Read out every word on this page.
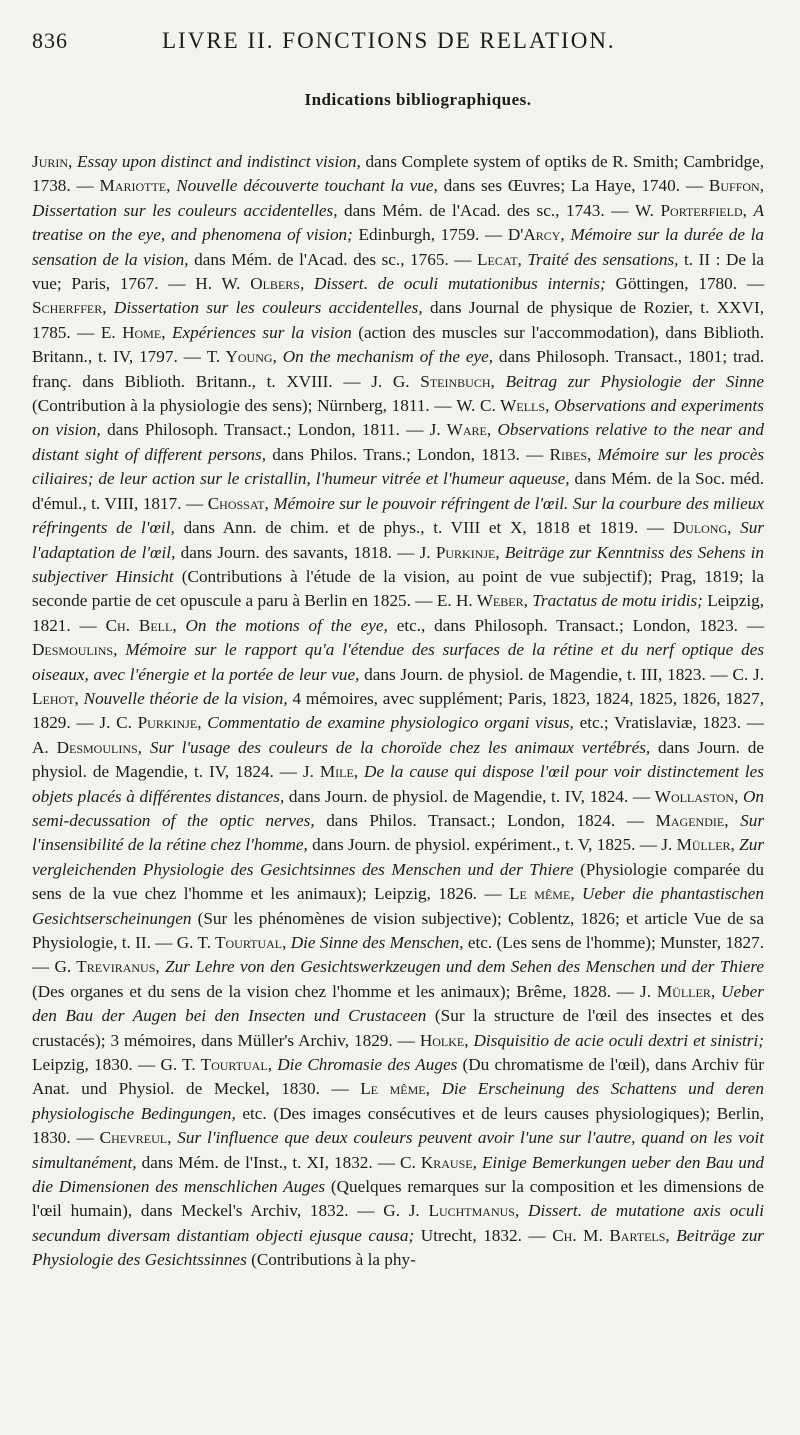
836	LIVRE II. FONCTIONS DE RELATION.
Indications bibliographiques.
Jurin, Essay upon distinct and indistinct vision, dans Complete system of optiks de R. Smith; Cambridge, 1738. — Mariotte, Nouvelle découverte touchant la vue, dans ses Œuvres; La Haye, 1740. — Buffon, Dissertation sur les couleurs accidentelles, dans Mém. de l'Acad. des sc., 1743. — W. Porterfield, A treatise on the eye, and phenomena of vision; Edinburgh, 1759. — D'Arcy, Mémoire sur la durée de la sensation de la vision, dans Mém. de l'Acad. des sc., 1765. — Lecat, Traité des sensations, t. II : De la vue; Paris, 1767. — H. W. Olbers, Dissert. de oculi mutationibus internis; Göttingen, 1780. — Scherffer, Dissertation sur les couleurs accidentelles, dans Journal de physique de Rozier, t. XXVI, 1785. — E. Home, Expériences sur la vision (action des muscles sur l'accommodation), dans Biblioth. Britann., t. IV, 1797. — T. Young, On the mechanism of the eye, dans Philosoph. Transact., 1801; trad. franç. dans Biblioth. Britann., t. XVIII. — J. G. Steinbuch, Beitrag zur Physiologie der Sinne (Contribution à la physiologie des sens); Nürnberg, 1811. — W. C. Wells, Observations and experiments on vision, dans Philosoph. Transact.; London, 1811. — J. Ware, Observations relative to the near and distant sight of different persons, dans Philos. Trans.; London, 1813. — Ribes, Mémoire sur les procès ciliaires; de leur action sur le cristallin, l'humeur vitrée et l'humeur aqueuse, dans Mém. de la Soc. méd. d'émul., t. VIII, 1817. — Chossat, Mémoire sur le pouvoir réfringent de l'œil. Sur la courbure des milieux réfringents de l'œil, dans Ann. de chim. et de phys., t. VIII et X, 1818 et 1819. — Dulong, Sur l'adaptation de l'œil, dans Journ. des savants, 1818. — J. Purkinje, Beiträge zur Kenntniss des Sehens in subjectiver Hinsicht (Contributions à l'étude de la vision, au point de vue subjectif); Prag, 1819; la seconde partie de cet opuscule a paru à Berlin en 1825. — E. H. Weber, Tractatus de motu iridis; Leipzig, 1821. — Ch. Bell, On the motions of the eye, etc., dans Philosoph. Transact.; London, 1823. — Desmoulins, Mémoire sur le rapport qu'a l'étendue des surfaces de la rétine et du nerf optique des oiseaux, avec l'énergie et la portée de leur vue, dans Journ. de physiol. de Magendie, t. III, 1823. — C. J. Lehot, Nouvelle théorie de la vision, 4 mémoires, avec supplément; Paris, 1823, 1824, 1825, 1826, 1827, 1829. — J. C. Purkinje, Commentatio de examine physiologico organi visus, etc.; Vratislaviæ, 1823. — A. Desmoulins, Sur l'usage des couleurs de la choroïde chez les animaux vertébrés, dans Journ. de physiol. de Magendie, t. IV, 1824. — J. Mile, De la cause qui dispose l'œil pour voir distinctement les objets placés à différentes distances, dans Journ. de physiol. de Magendie, t. IV, 1824. — Wollaston, On semi-decussation of the optic nerves, dans Philos. Transact.; London, 1824. — Magendie, Sur l'insensibilité de la rétine chez l'homme, dans Journ. de physiol. expériment., t. V, 1825. — J. Müller, Zur vergleichenden Physiologie des Gesichtsinnes des Menschen und der Thiere (Physiologie comparée du sens de la vue chez l'homme et les animaux); Leipzig, 1826. — Le même, Ueber die phantastischen Gesichtserscheinungen (Sur les phénomènes de vision subjective); Coblentz, 1826; et article Vue de sa Physiologie, t. II. — G. T. Tourtual, Die Sinne des Menschen, etc. (Les sens de l'homme); Munster, 1827. — G. Treviranus, Zur Lehre von den Gesichtswerkzeugen und dem Sehen des Menschen und der Thiere (Des organes et du sens de la vision chez l'homme et les animaux); Brême, 1828. — J. Müller, Ueber den Bau der Augen bei den Insecten und Crustaceen (Sur la structure de l'œil des insectes et des crustacés); 3 mémoires, dans Müller's Archiv, 1829. — Holke, Disquisitio de acie oculi dextri et sinistri; Leipzig, 1830. — G. T. Tourtual, Die Chromasie des Auges (Du chromatisme de l'œil), dans Archiv für Anat. und Physiol. de Meckel, 1830. — Le même, Die Erscheinung des Schattens und deren physiologische Bedingungen, etc. (Des images consécutives et de leurs causes physiologiques); Berlin, 1830. — Chevreul, Sur l'influence que deux couleurs peuvent avoir l'une sur l'autre, quand on les voit simultanément, dans Mém. de l'Inst., t. XI, 1832. — C. Krause, Einige Bemerkungen ueber den Bau und die Dimensionen des menschlichen Auges (Quelques remarques sur la composition et les dimensions de l'œil humain), dans Meckel's Archiv, 1832. — G. J. Luchtmanus, Dissert. de mutatione axis oculi secundum diversam distantiam objecti ejusque causa; Utrecht, 1832. — Ch. M. Bartels, Beiträge zur Physiologie des Gesichtssinnes (Contributions à la phy-
